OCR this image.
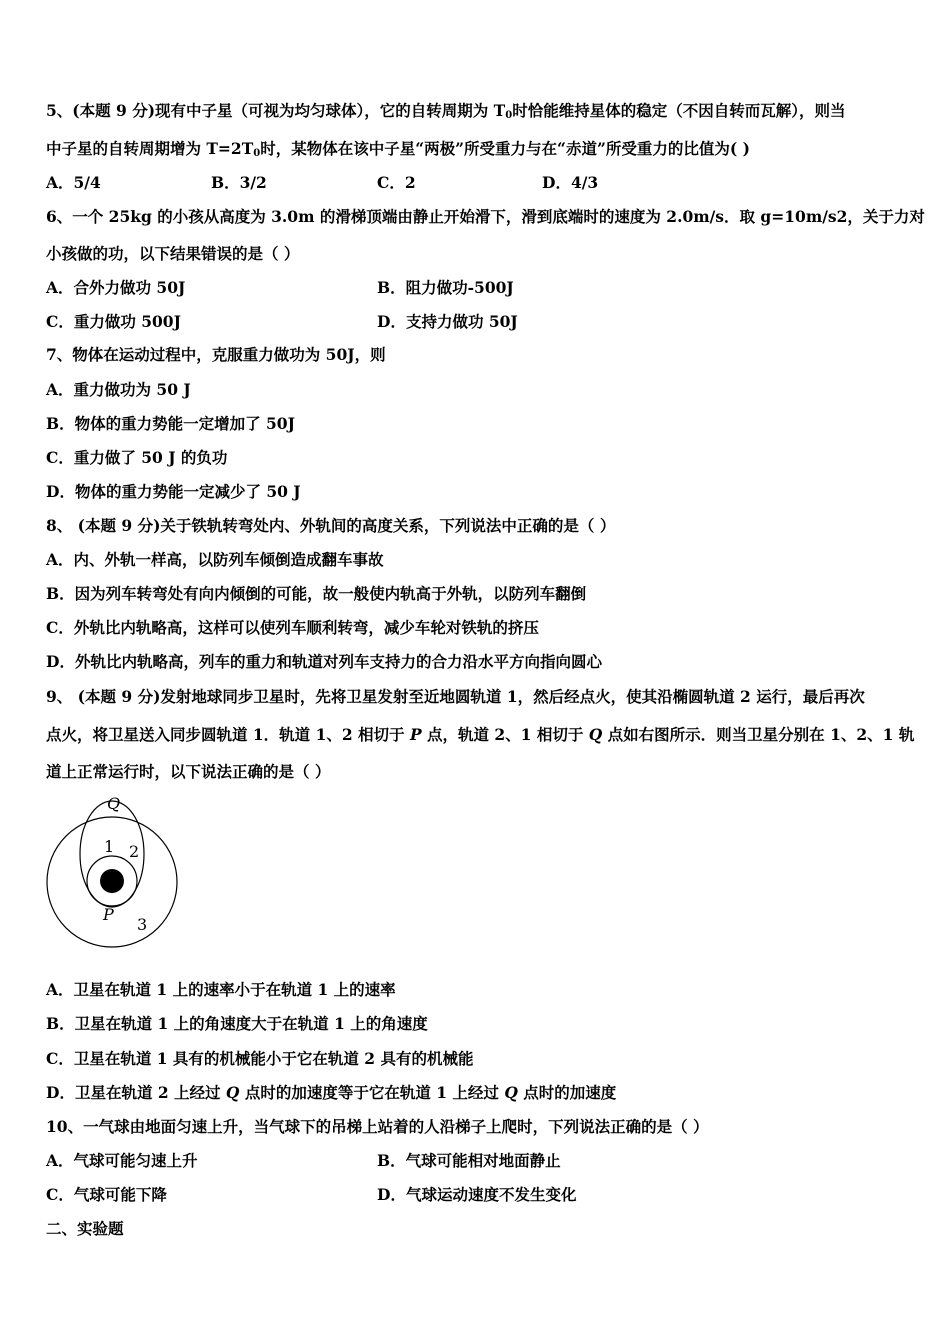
5、(本题 9 分)现有中子星（可视为均匀球体），它的自转周期为 $T_0$时恰能维持星体的稳定（不因自转而瓦解），则当
中子星的自转周期增为 $T=2T_0$时，某物体在该中子星“两极”所受重力与在“赤道”所受重力的比值为( )
A．5/4	B．3/2	C．2	D．4/3
6、一个 25kg 的小孩从高度为 3.0m 的滑梯顶端由静止开始滑下，滑到底端时的速度为 2.0m/s．取 g=10m/s2，关于力对
小孩做的功，以下结果错误的是（ ）
A．合外力做功 50J	B．阻力做功-500J
C．重力做功 500J	D．支持力做功 50J
7、物体在运动过程中，克服重力做功为 50J，则
A．重力做功为 50 J
B．物体的重力势能一定增加了 50J
C．重力做了 50 J 的负功
D．物体的重力势能一定减少了 50 J
8、 (本题 9 分)关于铁轨转弯处内、外轨间的高度关系，下列说法中正确的是（ ）
A．内、外轨一样高，以防列车倾倒造成翻车事故
B．因为列车转弯处有向内倾倒的可能，故一般使内轨高于外轨，以防列车翻倒
C．外轨比内轨略高，这样可以使列车顺利转弯，减少车轮对铁轨的挤压
D．外轨比内轨略高，列车的重力和轨道对列车支持力的合力沿水平方向指向圆心
9、 (本题 9 分)发射地球同步卫星时，先将卫星发射至近地圆轨道 1，然后经点火，使其沿椭圆轨道 2 运行，最后再次
点火，将卫星送入同步圆轨道 1．轨道 1、2 相切于 P 点，轨道 2、1 相切于 Q 点如右图所示．则当卫星分别在 1、2、1 轨
道上正常运行时，以下说法正确的是（ ）
Q
1 2
P
3
A．卫星在轨道 1 上的速率小于在轨道 1 上的速率
B．卫星在轨道 1 上的角速度大于在轨道 1 上的角速度
C．卫星在轨道 1 具有的机械能小于它在轨道 2 具有的机械能
D．卫星在轨道 2 上经过 Q 点时的加速度等于它在轨道 1 上经过 Q 点时的加速度
10、一气球由地面匀速上升，当气球下的吊梯上站着的人沿梯子上爬时，下列说法正确的是（ ）
A．气球可能匀速上升	B．气球可能相对地面静止
C．气球可能下降	D．气球运动速度不发生变化
二、实验题
